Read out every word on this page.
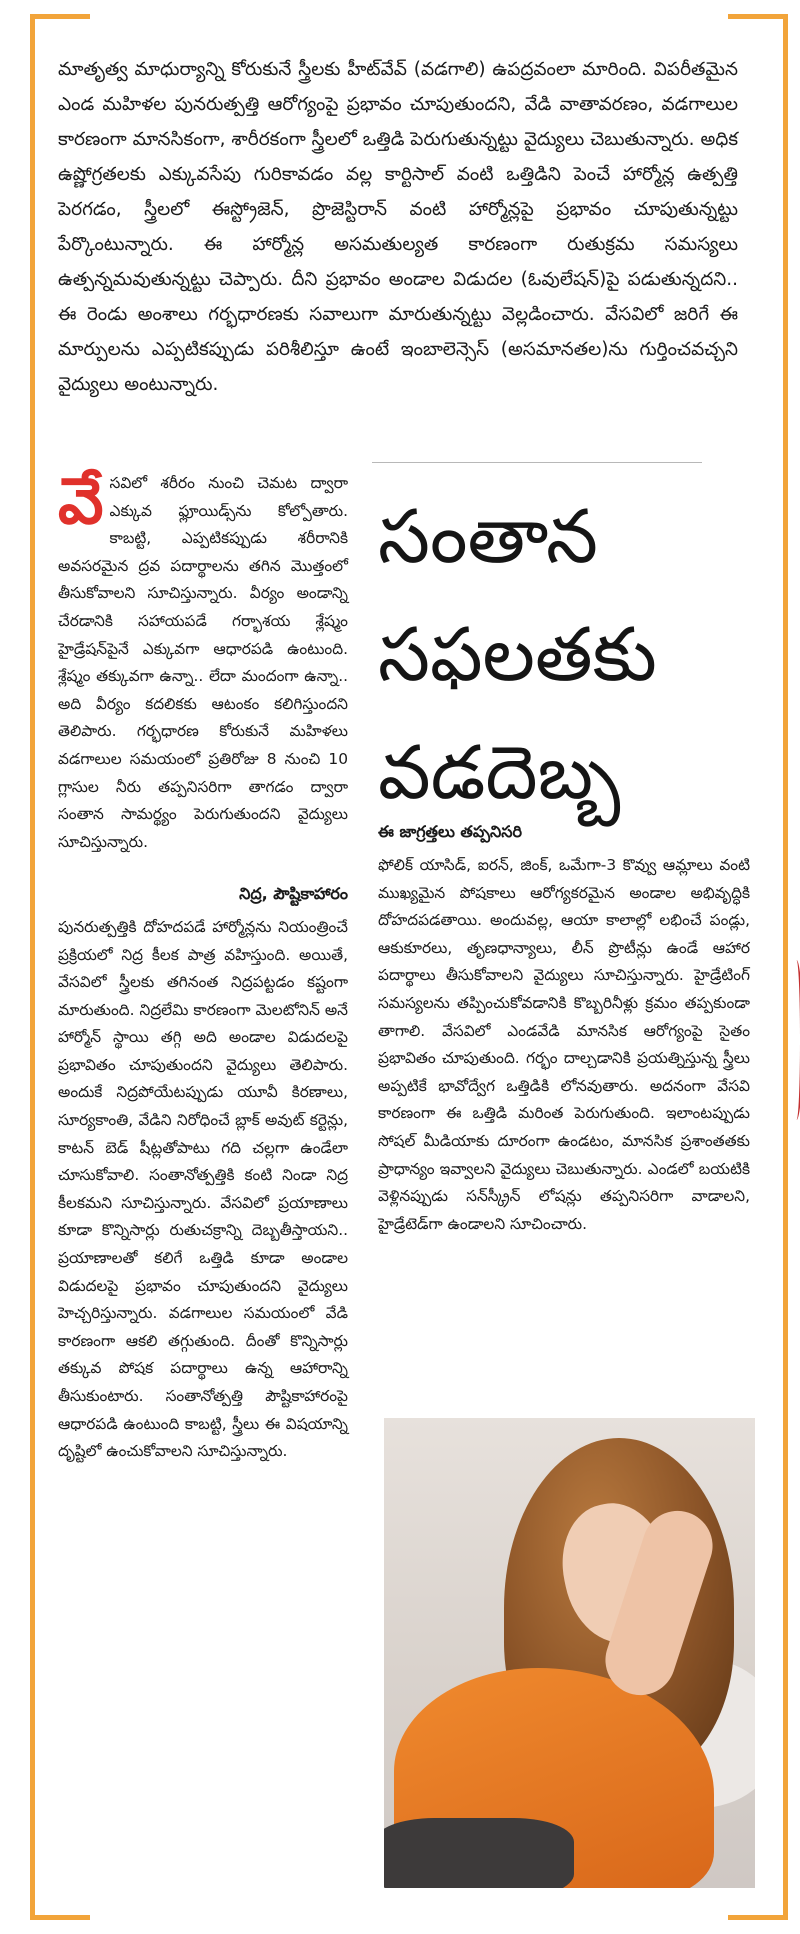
మాతృత్వ మాధుర్యాన్ని కోరుకునే స్త్రీలకు హీట్‌వేవ్ (వడగాలి) ఉపద్రవంలా మారింది. విపరీతమైన ఎండ మహిళల పునరుత్పత్తి ఆరోగ్యంపై ప్రభావం చూపుతుందని, వేడి వాతావరణం, వడగాలుల కారణంగా మానసికంగా, శారీరకంగా స్త్రీలలో ఒత్తిడి పెరుగుతున్నట్టు వైద్యులు చెబుతున్నారు. అధిక ఉష్ణోగ్రతలకు ఎక్కువసేపు గురికావడం వల్ల కార్టిసాల్ వంటి ఒత్తిడిని పెంచే హార్మోన్ల ఉత్పత్తి పెరగడం, స్త్రీలలో ఈస్ట్రోజెన్, ప్రొజెస్టిరాన్ వంటి హార్మోన్లపై ప్రభావం చూపుతున్నట్టు పేర్కొంటున్నారు. ఈ హార్మోన్ల అసమతుల్యత కారణంగా రుతుక్రమ సమస్యలు ఉత్పన్నమవుతున్నట్టు చెప్పారు. దీని ప్రభావం అండాల విడుదల (ఓవులేషన్)పై పడుతున్నదని.. ఈ రెండు అంశాలు గర్భధారణకు సవాలుగా మారుతున్నట్టు వెల్లడించారు. వేసవిలో జరిగే ఈ మార్పులను ఎప్పటికప్పుడు పరిశీలిస్తూ ఉంటే ఇంబాలెన్సెస్ (అసమానతల)ను గుర్తించవచ్చని వైద్యులు అంటున్నారు.
వే సవిలో శరీరం నుంచి చెమట ద్వారా ఎక్కువ ఫ్లూయిడ్స్‌ను కోల్పోతారు. కాబట్టి, ఎప్పటికప్పుడు శరీరానికి అవసరమైన ద్రవ పదార్థాలను తగిన మొత్తంలో తీసుకోవాలని సూచిస్తున్నారు. వీర్యం అండాన్ని చేరడానికి సహాయపడే గర్భాశయ శ్లేష్మం హైడ్రేషన్‌పైనే ఎక్కువగా ఆధారపడి ఉంటుంది. శ్లేష్మం తక్కువగా ఉన్నా.. లేదా మందంగా ఉన్నా.. అది వీర్యం కదలికకు ఆటంకం కలిగిస్తుందని తెలిపారు. గర్భధారణ కోరుకునే మహిళలు వడగాలుల సమయంలో ప్రతిరోజు 8 నుంచి 10 గ్లాసుల నీరు తప్పనిసరిగా తాగడం ద్వారా సంతాన సామర్థ్యం పెరుగుతుందని వైద్యులు సూచిస్తున్నారు.
నిద్ర, పౌష్టికాహారం
పునరుత్పత్తికి దోహదపడే హార్మోన్లను నియంత్రించే ప్రక్రియలో నిద్ర కీలక పాత్ర వహిస్తుంది. అయితే, వేసవిలో స్త్రీలకు తగినంత నిద్రపట్టడం కష్టంగా మారుతుంది. నిద్రలేమి కారణంగా మెలటోనిన్ అనే హార్మోన్ స్థాయి తగ్గి అది అండాల విడుదలపై ప్రభావితం చూపుతుందని వైద్యులు తెలిపారు. అందుకే నిద్రపోయేటప్పుడు యూవీ కిరణాలు, సూర్యకాంతి, వేడిని నిరోధించే బ్లాక్ అవుట్ కర్టెన్లు, కాటన్ బెడ్ షీట్లతోపాటు గది చల్లగా ఉండేలా చూసుకోవాలి. సంతానోత్పత్తికి కంటి నిండా నిద్ర కీలకమని సూచిస్తున్నారు. వేసవిలో ప్రయాణాలు కూడా కొన్నిసార్లు రుతుచక్రాన్ని దెబ్బతీస్తాయని.. ప్రయాణాలతో కలిగే ఒత్తిడి కూడా అండాల విడుదలపై ప్రభావం చూపుతుందని వైద్యులు హెచ్చరిస్తున్నారు. వడగాలుల సమయంలో వేడి కారణంగా ఆకలి తగ్గుతుంది. దీంతో కొన్నిసార్లు తక్కువ పోషక పదార్థాలు ఉన్న ఆహారాన్ని తీసుకుంటారు. సంతానోత్పత్తి పౌష్టికాహారంపై ఆధారపడి ఉంటుంది కాబట్టి, స్త్రీలు ఈ విషయాన్ని దృష్టిలో ఉంచుకోవాలని సూచిస్తున్నారు.
సంతాన
సఫలతకు
వడదెబ్బ
ఈ జాగ్రత్తలు తప్పనిసరి
ఫోలిక్ యాసిడ్, ఐరన్, జింక్, ఒమేగా-3 కొవ్వు ఆమ్లాలు వంటి ముఖ్యమైన పోషకాలు ఆరోగ్యకరమైన అండాల అభివృద్ధికి దోహదపడతాయి. అందువల్ల, ఆయా కాలాల్లో లభించే పండ్లు, ఆకుకూరలు, తృణధాన్యాలు, లీన్ ప్రొటీన్లు ఉండే ఆహార పదార్థాలు తీసుకోవాలని వైద్యులు సూచిస్తున్నారు. హైడ్రేటింగ్ సమస్యలను తప్పించుకోవడానికి కొబ్బరినీళ్లు క్రమం తప్పకుండా తాగాలి. వేసవిలో ఎండవేడి మానసిక ఆరోగ్యంపై సైతం ప్రభావితం చూపుతుంది. గర్భం దాల్చడానికి ప్రయత్నిస్తున్న స్త్రీలు అప్పటికే భావోద్వేగ ఒత్తిడికి లోనవుతారు. అదనంగా వేసవి కారణంగా ఈ ఒత్తిడి మరింత పెరుగుతుంది. ఇలాంటప్పుడు సోషల్ మీడియాకు దూరంగా ఉండటం, మానసిక ప్రశాంతతకు ప్రాధాన్యం ఇవ్వాలని వైద్యులు చెబుతున్నారు. ఎండలో బయటికి వెళ్లినప్పుడు సన్‌స్క్రీన్ లోషన్లు తప్పనిసరిగా వాడాలని, హైడ్రేటెడ్‌గా ఉండాలని సూచించారు.
